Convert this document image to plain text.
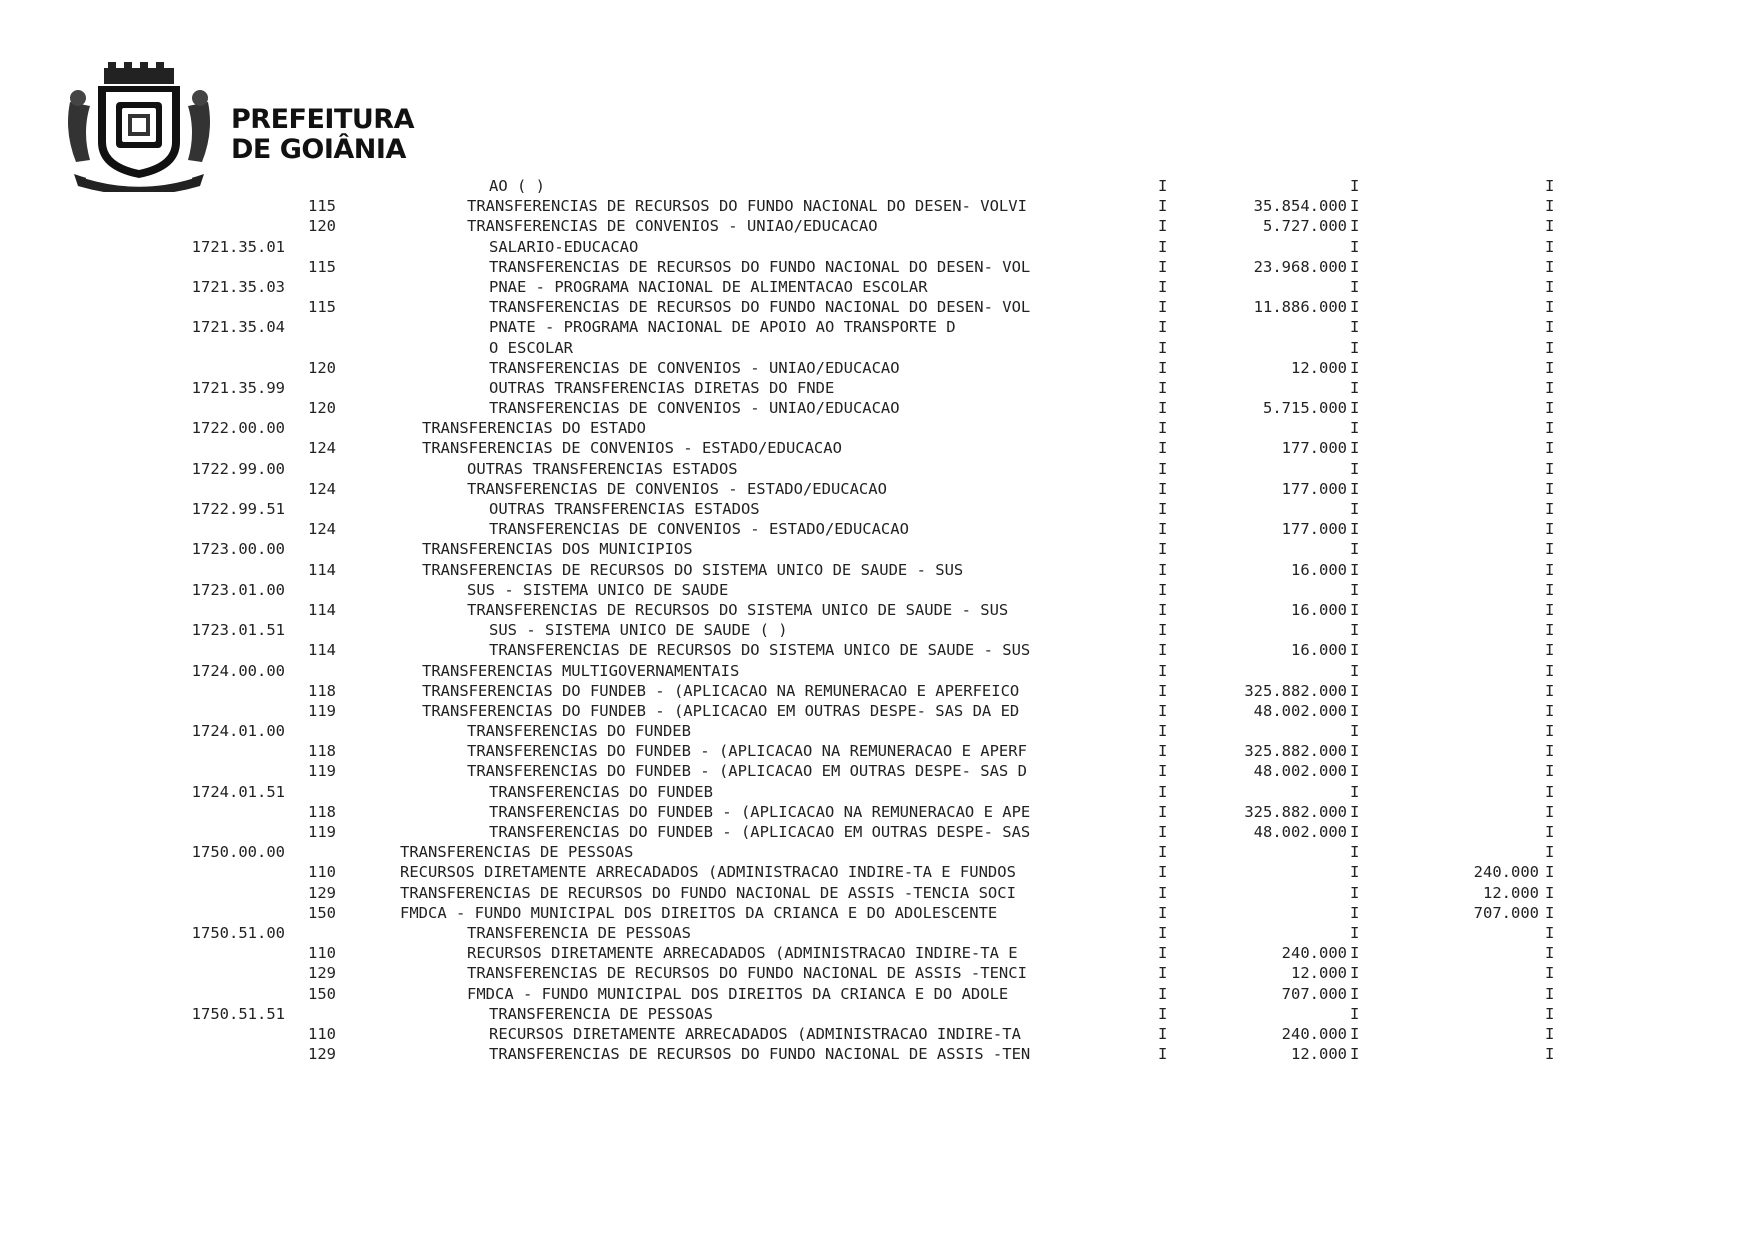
PREFEITURA
DE GOIÂNIA
AO ( )	I	I	I
115	TRANSFERENCIAS DE RECURSOS DO FUNDO NACIONAL DO DESEN- VOLVI	I	35.854.000 I	I
120	TRANSFERENCIAS DE CONVENIOS - UNIAO/EDUCACAO	I	5.727.000 I	I
1721.35.01	SALARIO-EDUCACAO	I	I	I
115	TRANSFERENCIAS DE RECURSOS DO FUNDO NACIONAL DO DESEN- VOL	I	23.968.000 I	I
1721.35.03	PNAE - PROGRAMA NACIONAL DE ALIMENTACAO ESCOLAR	I	I	I
115	TRANSFERENCIAS DE RECURSOS DO FUNDO NACIONAL DO DESEN- VOL	I	11.886.000 I	I
1721.35.04	PNATE - PROGRAMA NACIONAL DE APOIO AO TRANSPORTE D	I	I	I
O ESCOLAR	I	I	I
120	TRANSFERENCIAS DE CONVENIOS - UNIAO/EDUCACAO	I	12.000 I	I
1721.35.99	OUTRAS TRANSFERENCIAS DIRETAS DO FNDE	I	I	I
120	TRANSFERENCIAS DE CONVENIOS - UNIAO/EDUCACAO	I	5.715.000 I	I
1722.00.00	TRANSFERENCIAS DO ESTADO	I	I	I
124	TRANSFERENCIAS DE CONVENIOS - ESTADO/EDUCACAO	I	177.000 I	I
1722.99.00	OUTRAS TRANSFERENCIAS ESTADOS	I	I	I
124	TRANSFERENCIAS DE CONVENIOS - ESTADO/EDUCACAO	I	177.000 I	I
1722.99.51	OUTRAS TRANSFERENCIAS ESTADOS	I	I	I
124	TRANSFERENCIAS DE CONVENIOS - ESTADO/EDUCACAO	I	177.000 I	I
1723.00.00	TRANSFERENCIAS DOS MUNICIPIOS	I	I	I
114	TRANSFERENCIAS DE RECURSOS DO SISTEMA UNICO DE SAUDE - SUS	I	16.000 I	I
1723.01.00	SUS - SISTEMA UNICO DE SAUDE	I	I	I
114	TRANSFERENCIAS DE RECURSOS DO SISTEMA UNICO DE SAUDE - SUS	I	16.000 I	I
1723.01.51	SUS - SISTEMA UNICO DE SAUDE ( )	I	I	I
114	TRANSFERENCIAS DE RECURSOS DO SISTEMA UNICO DE SAUDE - SUS	I	16.000 I	I
1724.00.00	TRANSFERENCIAS MULTIGOVERNAMENTAIS	I	I	I
118	TRANSFERENCIAS DO FUNDEB - (APLICACAO NA REMUNERACAO E APERFEICO	I	325.882.000 I	I
119	TRANSFERENCIAS DO FUNDEB - (APLICACAO EM OUTRAS DESPE- SAS DA ED	I	48.002.000 I	I
1724.01.00	TRANSFERENCIAS DO FUNDEB	I	I	I
118	TRANSFERENCIAS DO FUNDEB - (APLICACAO NA REMUNERACAO E APERF	I	325.882.000 I	I
119	TRANSFERENCIAS DO FUNDEB - (APLICACAO EM OUTRAS DESPE- SAS D	I	48.002.000 I	I
1724.01.51	TRANSFERENCIAS DO FUNDEB	I	I	I
118	TRANSFERENCIAS DO FUNDEB - (APLICACAO NA REMUNERACAO E APE	I	325.882.000 I	I
119	TRANSFERENCIAS DO FUNDEB - (APLICACAO EM OUTRAS DESPE- SAS	I	48.002.000 I	I
1750.00.00	TRANSFERENCIAS DE PESSOAS	I	I	I
110	RECURSOS DIRETAMENTE ARRECADADOS (ADMINISTRACAO INDIRE-TA E FUNDOS	I	I	240.000 I
129	TRANSFERENCIAS DE RECURSOS DO FUNDO NACIONAL DE ASSIS -TENCIA SOCI	I	I	12.000 I
150	FMDCA - FUNDO MUNICIPAL DOS DIREITOS DA CRIANCA E DO ADOLESCENTE	I	I	707.000 I
1750.51.00	TRANSFERENCIA DE PESSOAS	I	I	I
110	RECURSOS DIRETAMENTE ARRECADADOS (ADMINISTRACAO INDIRE-TA E	I	240.000 I	I
129	TRANSFERENCIAS DE RECURSOS DO FUNDO NACIONAL DE ASSIS -TENCI	I	12.000 I	I
150	FMDCA - FUNDO MUNICIPAL DOS DIREITOS DA CRIANCA E DO ADOLE	I	707.000 I	I
1750.51.51	TRANSFERENCIA DE PESSOAS	I	I	I
110	RECURSOS DIRETAMENTE ARRECADADOS (ADMINISTRACAO INDIRE-TA	I	240.000 I	I
129	TRANSFERENCIAS DE RECURSOS DO FUNDO NACIONAL DE ASSIS -TEN	I	12.000 I	I
